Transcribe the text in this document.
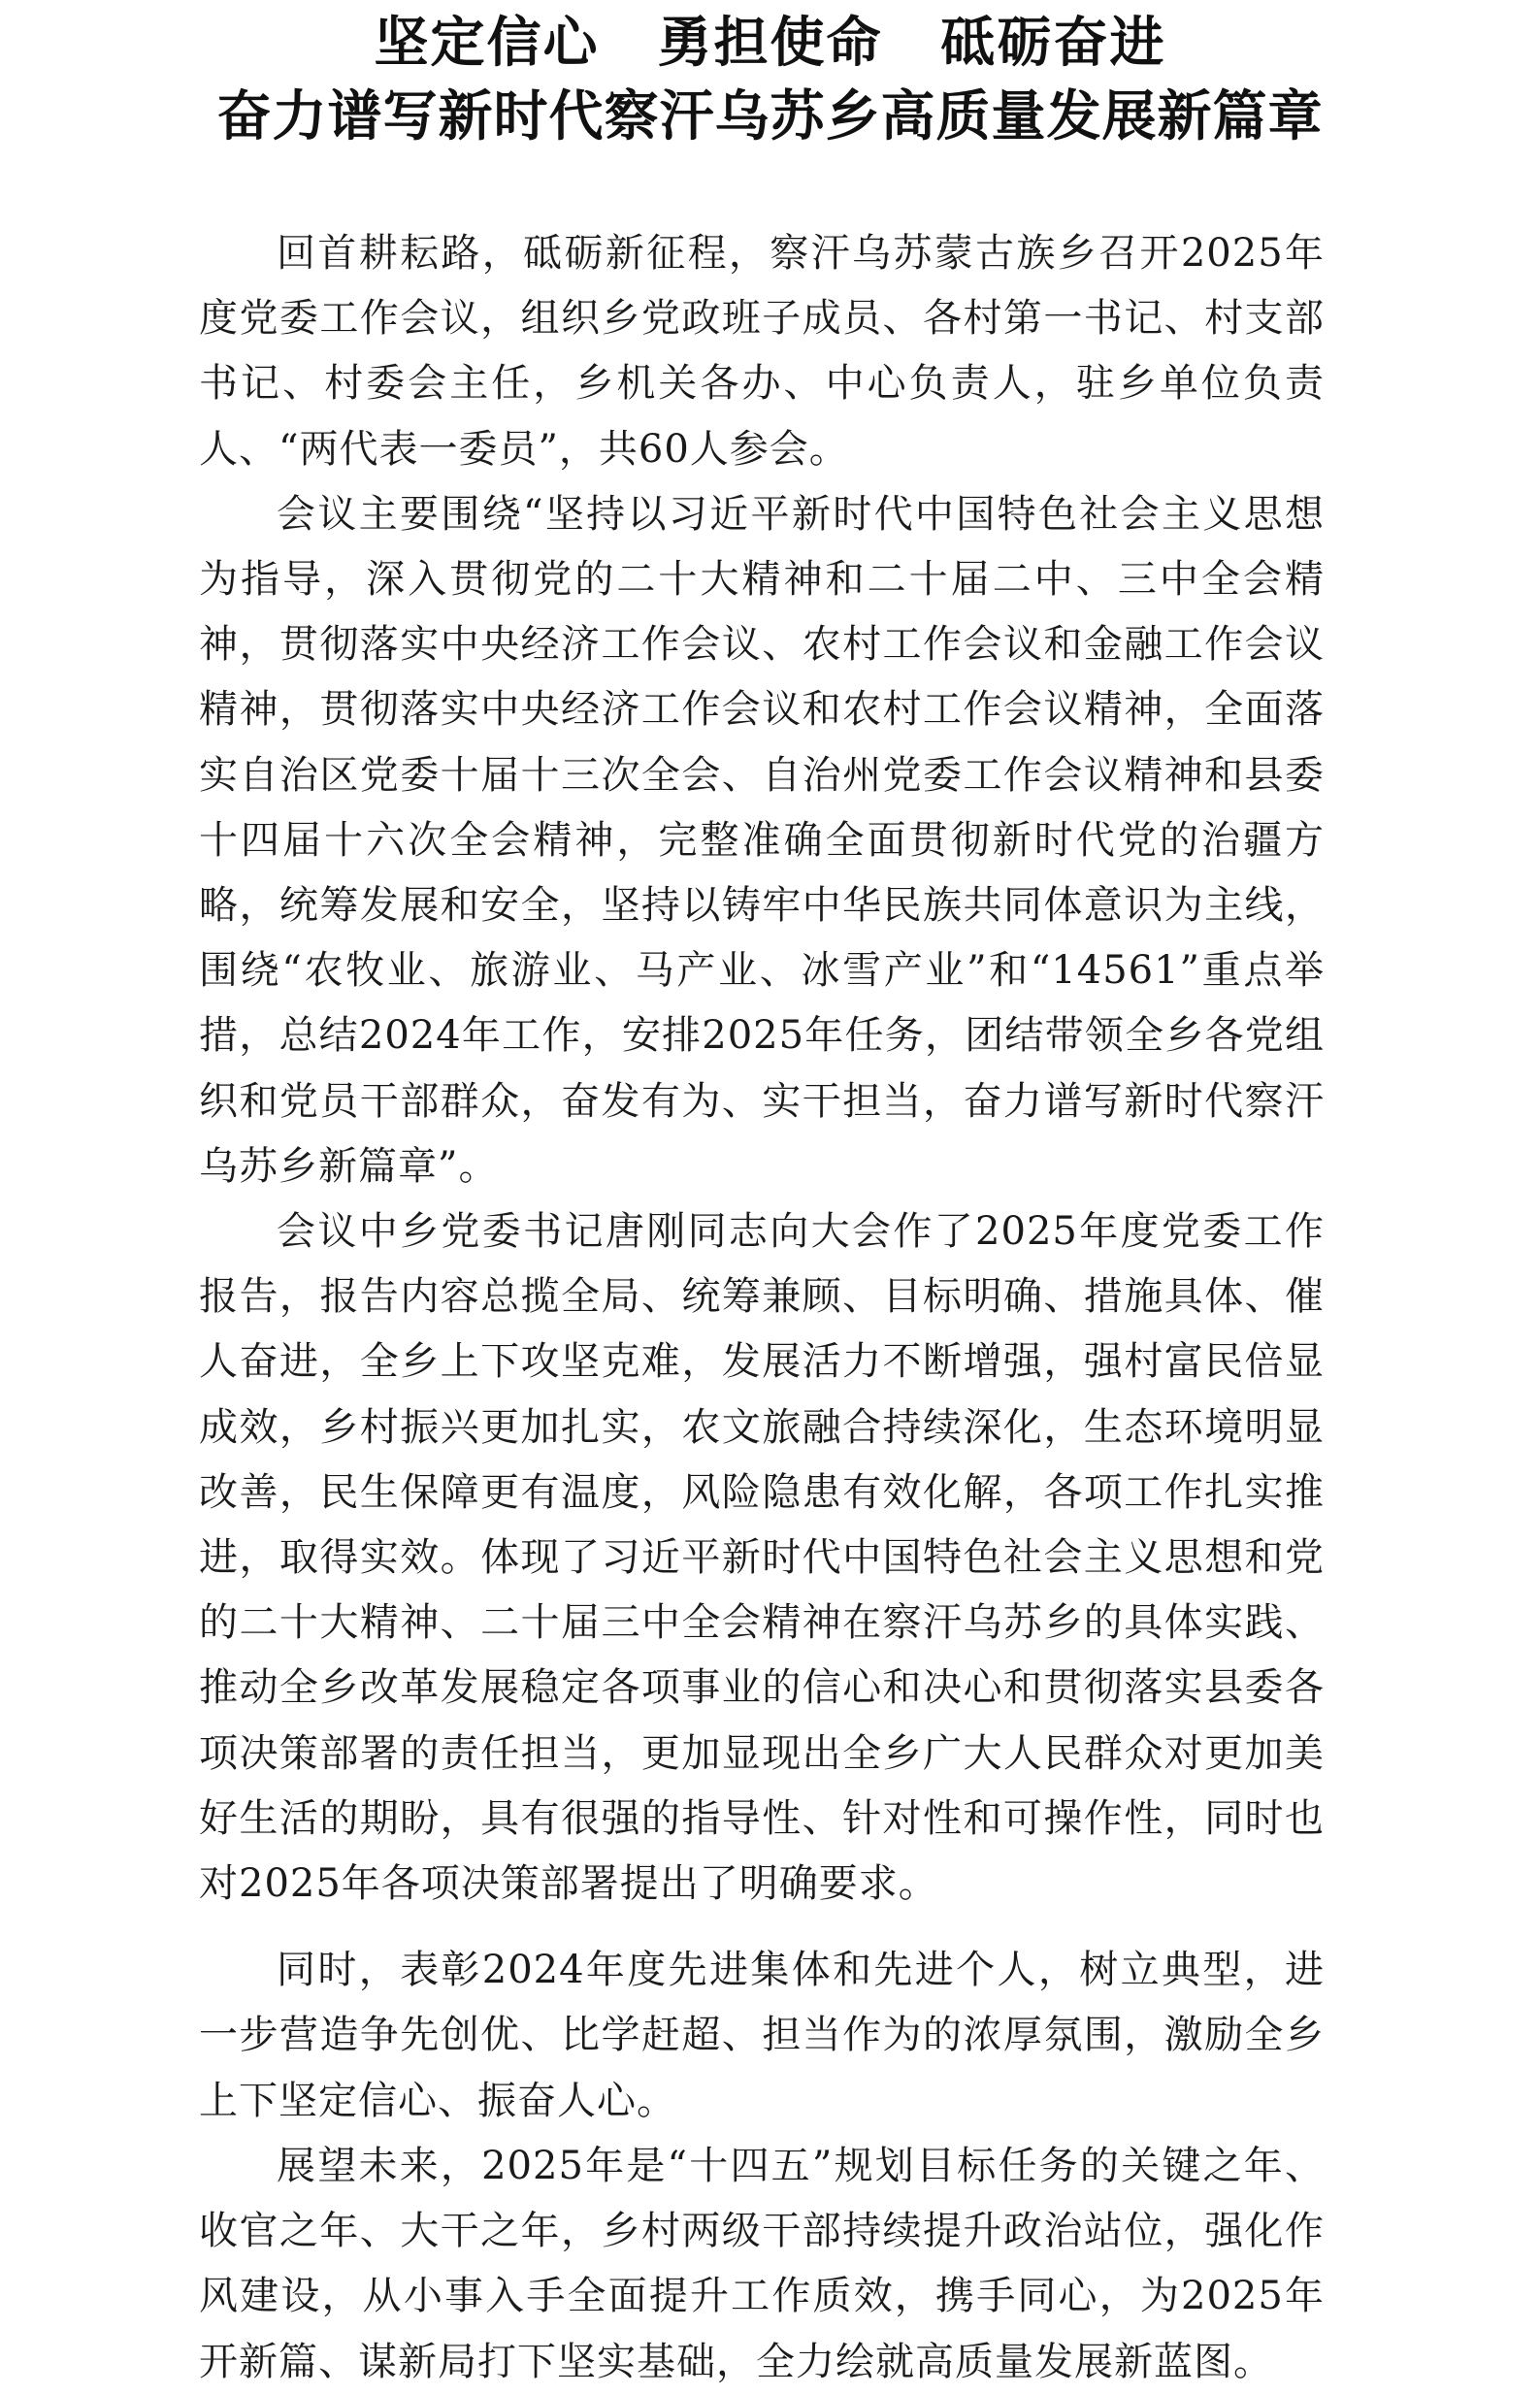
坚定信心 勇担使命 砥砺奋进
奋力谱写新时代察汗乌苏乡高质量发展新篇章

回首耕耘路，砥砺新征程，察汗乌苏蒙古族乡召开2025年度党委工作会议，组织乡党政班子成员、各村第一书记、村支部书记、村委会主任，乡机关各办、中心负责人，驻乡单位负责人、“两代表一委员”，共60人参会。

会议主要围绕“坚持以习近平新时代中国特色社会主义思想为指导，深入贯彻党的二十大精神和二十届二中、三中全会精神，贯彻落实中央经济工作会议、农村工作会议和金融工作会议精神，贯彻落实中央经济工作会议和农村工作会议精神，全面落实自治区党委十届十三次全会、自治州党委工作会议精神和县委十四届十六次全会精神，完整准确全面贯彻新时代党的治疆方略，统筹发展和安全，坚持以铸牢中华民族共同体意识为主线，围绕“农牧业、旅游业、马产业、冰雪产业”和“14561”重点举措，总结2024年工作，安排2025年任务，团结带领全乡各党组织和党员干部群众，奋发有为、实干担当，奋力谱写新时代察汗乌苏乡新篇章”。

会议中乡党委书记唐刚同志向大会作了2025年度党委工作报告，报告内容总揽全局、统筹兼顾、目标明确、措施具体、催人奋进，全乡上下攻坚克难，发展活力不断增强，强村富民倍显成效，乡村振兴更加扎实，农文旅融合持续深化，生态环境明显改善，民生保障更有温度，风险隐患有效化解，各项工作扎实推进，取得实效。体现了习近平新时代中国特色社会主义思想和党的二十大精神、二十届三中全会精神在察汗乌苏乡的具体实践、推动全乡改革发展稳定各项事业的信心和决心和贯彻落实县委各项决策部署的责任担当，更加显现出全乡广大人民群众对更加美好生活的期盼，具有很强的指导性、针对性和可操作性，同时也对2025年各项决策部署提出了明确要求。

同时，表彰2024年度先进集体和先进个人，树立典型，进一步营造争先创优、比学赶超、担当作为的浓厚氛围，激励全乡上下坚定信心、振奋人心。

展望未来，2025年是“十四五”规划目标任务的关键之年、收官之年、大干之年，乡村两级干部持续提升政治站位，强化作风建设，从小事入手全面提升工作质效，携手同心，为2025年开新篇、谋新局打下坚实基础，全力绘就高质量发展新蓝图。
